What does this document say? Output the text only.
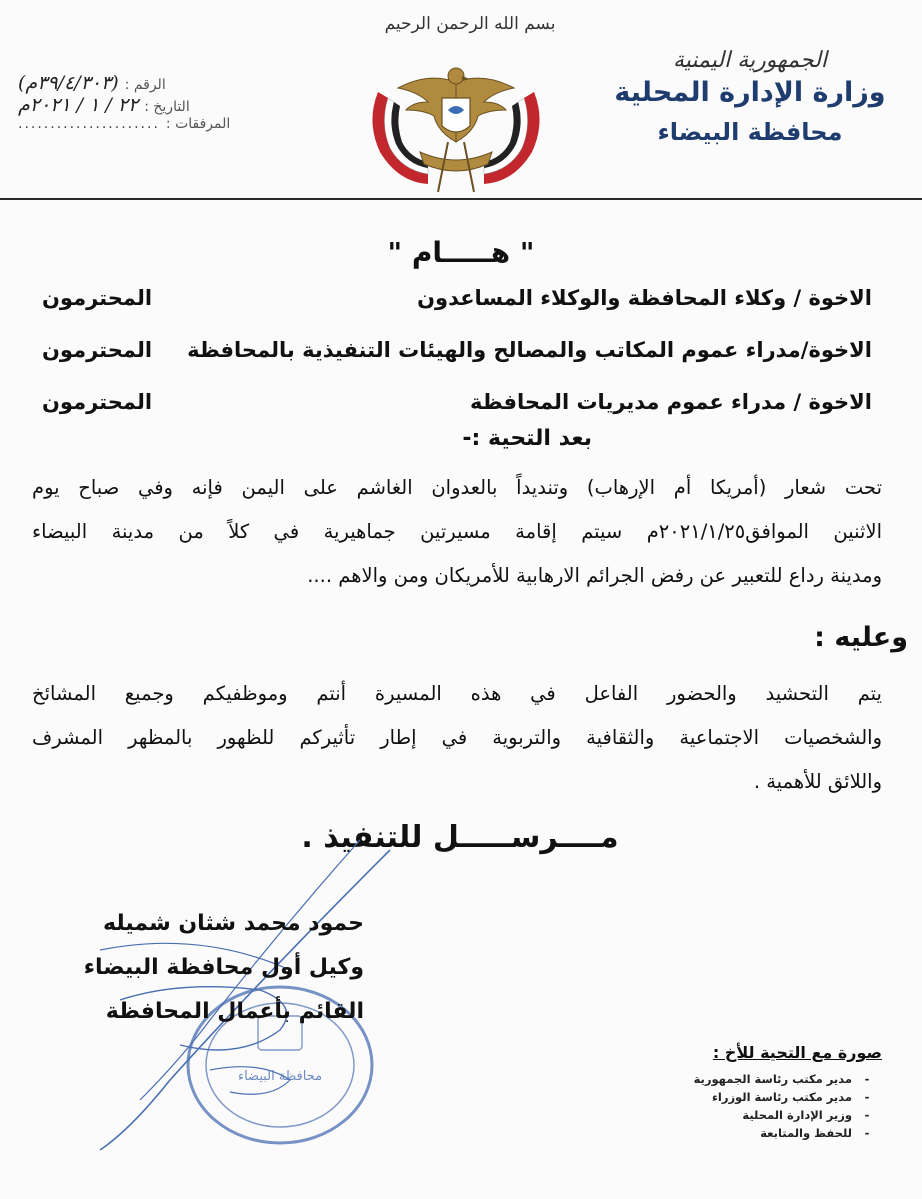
الجمهورية اليمنية
وزارة الإدارة المحلية
محافظة البيضاء
بسم الله الرحمن الرحيم
الرقم :
(٣٩/٤/٣٠٣م)
التاريخ :
٢٢ / ١ / ٢٠٢١م
المرفقات :
......................
" هـــــام "
الاخوة / وكلاء المحافظة والوكلاء المساعدون
المحترمون
الاخوة/مدراء عموم المكاتب والمصالح والهيئات التنفيذية بالمحافظة
المحترمون
الاخوة / مدراء عموم مديريات المحافظة
المحترمون
بعد التحية :-
تحت شعار (أمريكا أم الإرهاب) وتنديداً بالعدوان الغاشم على اليمن فإنه وفي صباح يوم
الاثنين الموافق٢٠٢١/١/٢٥م سيتم إقامة مسيرتين جماهيرية في كلاً من مدينة البيضاء
ومدينة رداع للتعبير عن رفض الجرائم الارهابية للأمريكان ومن والاهم ....
وعليه :
يتم التحشيد والحضور الفاعل في هذه المسيرة أنتم وموظفيكم وجميع المشائخ
والشخصيات الاجتماعية والثقافية والتربوية في إطار تأثيركم للظهور بالمظهر المشرف
واللائق للأهمية .
مــــرســـــل للتنفيذ .
محافظة البيضاء
حمود محمد شثان شميله
وكيل أول محافظة البيضاء
القائم بأعمال المحافظة
صورة مع التحية للأخ :
-مدير مكتب رئاسة الجمهورية
-مدير مكتب رئاسة الوزراء
-وزير الإدارة المحلية
-للحفظ والمتابعة
